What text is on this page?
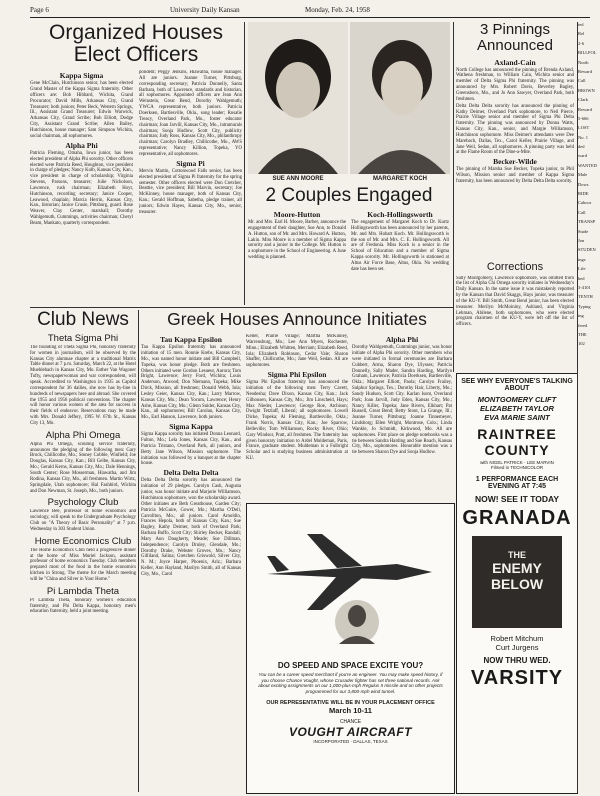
Page 6	University Daily Kansan	Monday, Feb. 24, 1958
Organized Houses Elect Officers
Kappa Sigma

Gene McClain, Hutchinson senior, has been elected Grand Master of the Kappa Sigma fraternity. Other officers are: Bob Hibbard, Wichita, Grand Procurator; David Mills, Arkansas City, Grand Treasurer; both juniors; Peter Beck, Western Springs, Ill., Assistant Grand Treasurer; Edwin Warwick, Arkansas City, Grand Scribe; Bob Elliott, Dodge City, Assistant Grand Scribe; Allen Bailey, Hutchinson, house manager; Sam Simpson Wichita, social chairman, all sophomores.

Alpha Phi

Patricia Fleming, Omaha, Iowa junior, has been elected president of Alpha Phi sorority. Other officers elected were Patricia Reed, Houghton, vice president in charge of pledges; Nancy Kolb, Kansas City, Kan., vice president in charge of scholarship; Virginia Stevens, Parsons, treasurer; Julie Nicholson, Lawrence, rush chairman; Elizabeth Hoyt, Hutchinson, recording secretary; Janice Cooper, Leawood, chaplain; Marcia Herrin, Kansas City, Kan., historian; Janice Crusie, Pittsburg, guard. Rose Weaver, Clay Center, marshall; Dorothy Wahlgemuth, Cummings, activities chairman; Cheryl Beam, Mankato, quarterly correspondent.

pondent; Peggy Jenkins, Hiawatha, house manager. All are juniors. Joanne Turner, Pittsburg, corresponding secretary; Patricia Donnelly, Santa Barbara, both of Lawrence, standards and historian, all sophomores. Appointed officers are Jean Ann Weinstein, Great Bend, Dorothy Wahlgemuth; YWCA representative, both juniors. Patricia Doerksen, Bartlesville, Okla., song leader; Rosalie Treacy, Overland Park, Mo., foster educator chairman; Joan Jarvill, Kansas City, Mo., intramurals chairman; Sonja Hudlow, Scott City, publicity chairman; Judy Ross, Kansas City, Mo., philanthropy chairman; Carolyn Bradley, Chillicothe, Mo., AWS representative; Nancy Killion, Topeka, YO representative, all sophomores.

Sigma Pi

Mervin Martin, Cottonwood Falls senior, has been elected president of Sigma Pi fraternity for the spring semester. Other officers elected were Don Cretcher, Beattie, vice president; Bill Marvin, secretary; Joe McKinney, house manager, both of Kansas City, Kan.; Gerald Hoffman, Sabetha, pledge trainer, all juniors; Edwin Hayes, Kansas City, Mo., senior, treasurer.

SUE ANN MOORE	MARGARET KOCH
2 Couples Engaged
Moore-Hutton

Mr. and Mrs. Earl H. Moore, Barber, announce the engagement of their daughter, Sue Ann, to Donald A. Hutton, son of Mr. and Mrs. Howard A. Hutton, Lakin. Miss Moore is a member of Sigma Kappa sorority and a junior in the College. Mr. Hutton is a sophomore in the School of Engineering. A June wedding is planned.

Koch-Hollingsworth

The engagement of Margaret Koch to Dr. Kurtz Hollingsworth has been announced by her parents, Mr. and Mrs. Hobart Koch. Mr. Hollingsworth is the son of Mr. and Mrs. C. E. Hollingsworth. All are of Fredonia. Miss Koch is a senior in the School of Education and a member of Sigma Kappa sorority. Mr. Hollingsworth is stationed at Altus Air Force Base, Altus, Okla. No wedding date has been set.

3 Pinnings Announced
Axland-Cain

North College has announced the pinning of Brenda Axland, Wathena freshman, to William Cain, Wichita senior and member of Delta Sigma Phi fraternity. The pinning was announced by Mrs. Robert Davis, Beverley Bagley, Greensboro, Mo., and Jo Ann Sawyer, Overland Park, both freshmen.

Delta Delta Delta sorority has announced the pinning of Kathy Deimer, Overland Park sophomore, to Neil Pierce, Prairie Village senior and member of Sigma Phi Delta fraternity. The pinning was announced by Donna Watts, Kansas City, Kan., senior, and Margie Williamson, Hutchinson sophomore. Miss Deimer's attendants were Dee Marebach, Dallas, Tex., Carol Keller, Prairie Village, and Jane Weil, Sedan, all sophomores. A pinning party was held at the Flame Room of the Dine-a-Mite.

Becker-Wilde

The pinning of Marsha Sue Becker, Topeka junior, to Phil Wilson, Mission senior and member of Kappa Sigma fraternity, has been announced by Delta Delta Delta sorority.

Corrections
Sally Montgomery, Lawrence sophomore, was omitted from the list of Alpha Chi Omega sorority initiates in Wednesday's Daily Kansan. In the same issue it was mistakenly reported by the Kansan that David Skaggs, Hays junior, was treasurer of the KU-Y. Bill Smith, Great Bend junior, has been elected treasurer. Merilyn McMoininy, Ashland, and Virginia Lehman, Abilene, both sophomores, who were elected program chairmen of the KU-Y, were left off the list of officers.
Club News
Theta Sigma Phi
The founding of Theta Sigma Phi, honorary fraternity for women in journalism, will be observed by the Kansas City alumnae chapter at a traditional Matrix Table dinner at 7 p.m. Saturday, March 22, at the Hotel Muehlebach in Kansas City, Mo. Esther Van Wagoner Tufty, newspaperwoman and war correspondent, will speak. Accredited to Washington in 1935 as Capitol correspondent for 36 dailies, she now has by-line in hundreds of newspapers here and abroad. She covered the 1955 and 1956 political conventions. The chapter will honor various women of the area for success in their fields of endeavor. Reservations may be made with Mrs. Donald Jeffery, 1995 W. 67th St., Kansas City 13, Mo.
Alpha Phi Omega
Alpha Phi Omega, scouting service fraternity, announces the pledging of the following men: Gary Brock, Chillicothe, Mo.; Stoney Cobble, Winfield; Joe Douglas, Kansas City, Kan.; Bill Gelbe, Kansas City, Mo.; Gerald Kerns, Kansas City, Mo.; Dale Hennings, South Center; Rose Mosserman, Hiawatha, and Jim Rodina, Kansas City, Mo., all freshmen. Martin Wirtz, Springdale, Utah sophomore; Hal Fashbird, Wichita and Don Newman, St. Joseph, Mo., both juniors.
Psychology Club
Lawrence Bee, professor of home economics and sociology, will speak to the Undergraduate Psychology Club on "A Theory of Basic Personality" at 7 p.m. Wednesday in 303 Student Union.
Home Economics Club
The Home Economics Club held a progressive dinner at the home of Miss Muriel Jackson, assistant professor of home economics Tuesday. Club members prepared most of the food in the home economics kitchen in Strong. The theme for the March meeting will be "China and Silver in Your Home."
Pi Lambda Theta
Pi Lambda Theta, honorary women's education fraternity, and Phi Delta Kappa, honorary men's education fraternity, held a joint meeting.
Greek Houses Announce Initiates
Tau Kappa Epsilon

Tau Kappa Epsilon fraternity has announced initiation of 15 men. Ronnie Krebs, Kansas City, Mo., was named honor initiate and Bill Campbell, Topeka, was honor pledge. Both are freshmen. Others initiated were Gordon Lesueur, Aurora; Tom Bright, Lawrence; Jerry Ford, Wichita; Louis Anderson, Atwood; Don Niemann, Topeka; Mike Dirck, Mission, all freshmen; Donald Webb, Iola; Lesley Geier, Kansas City, Kan.; Larry Marrow, Kansas City, Mo.; Dean Yocum, Lawrence; Henry Ashe, Kansas City, Mo.; Glenn Snider, Kansas City, Kan., all sophomores; Bill Carolan, Kansas City, Mo., Earl Hanson, Lawrence, both juniors.

Sigma Kappa

Sigma Kappa sorority has initiated Donna Leonard, Fulton, Mo.; Lela Jones, Kansas City, Kan., and Patricia Tristano, Overland Park, all juniors, and Betty Jane Wilson, Mission sophomore. The initiation was followed by a banquet at the chapter house.

Delta Delta Delta

Delta Delta Delta sorority has announced the initiation of 29 pledges. Carolyn Cash, Augusta junior, was honor initiate and Marjorie Williamson, Hutchinson sophomore, won the scholarship award. Other initiates are Beth Greatbouse, Garden City; Patricia McGuire, Gower, Mo.; Martha O'Dell, Carrollton, Mo.; all juniors. Carol Arnoldin, Frances Hepola, both of Kansas City, Kan.; Sue Bagley, Kathy Deimer, both of Overland Park; Barbara Buffo, Scott City; Shirley Becker, Randall; Mary Ann Daugherty, Meade; Sue Dillman, Independence; Carolyn Druley, Glendale, Mo.; Dorothy Drake, Webster Groves, Mo.; Nancy Gilliland, Salina; Gretchen Griswold, Silver City, N. M.; Joyce Harper, Phoenix, Ariz.; Barbara Keller, Ann Hayland, Marilyn Smith, all of Kansas City, Mo., Carol

Keller, Prairie Village; Martha McKinney, Warrensburg, Mo.; Lee Ann Myers, Rochester, Minn.; Elizabeth Whitten, Merriam; Elizabeth Reed, Iola; Elizabeth Robinson, Cedar Vale; Sharon Shaffer, Chillicothe, Mo.; Jane Weil, Sedan. All are sophomores.

Sigma Phi Epsilon

Sigma Phi Epsilon fraternity has announced the initiation of the following men: Terry Cavett, Neodesha; Dave Dixon, Kansas City, Kan.; Jack Gilhousen, Kansas City, Mo.; Jim Linscheid, Hays; Max Nieder, Lawrence; George Roe, Atchison; Dwight Tetzlaff, Liberal; all sophomores. Lowell Dicke, Topeka; Al Fleming, Bartlesville, Okla.; Frank Norris, Kansas City, Kan.; Joe Sparrow, Belleville; Tom Williamson, Rocky River, Ohio; Gary Windsor, Pratt, all freshmen. The fraternity has given honorary initiation to Ardel Muldeman, Paris, France, graduate student. Muldeman is a Fulbright Scholar and is studying business administration at KU.

Alpha Phi

Dorothy Wahlgemuth, Cummings junior, was honor initiate of Alpha Phi sorority. Other members who were initiated in formal ceremonies are Barbara Cubbert, Arma, Sharon Dye, Ulysses; Patricia Donnelly, Sally Mader, Sandra Harding, Marilyn Graham, Lawrence; Patricia Doerksen, Bartlesville, Okla.; Margaret Elliott, Paola; Carolyn Frailey, Sulphur Springs, Tex.; Dorothy Hair, Liberty, Mo.; Sandy Hudson, Scott City. Karlan Isom, Overland Park; Joan Jarvill, Judy Eden, Kansas City, Mo.; Nancy Killer, Topeka; Jane Rivers, Elkhart; Pat Russell, Great Bend; Betty Stout, La Grange, Ill.; Joanne Turner, Pittsburg; Joanne Tinnemeyer, Lindsborg; Ellen Wright, Montrose, Colo.; Linda Wankle, Jo Schmidt, Kirkwood, Mo. All are sophomores. First place on pledge notebooks was a tie between Sandra Harding and Sue Roach, Kansas City, Mo., sophomores. Honorable mention was a tie between Sharon Dye and Sonja Hudlow.

DO SPEED AND SPACE EXCITE YOU?
You can be a career speed merchant if you're an engineer. You may make speed history, if you choose Chance Vought, whose Crusader fighter has set three national records. Ask about exciting assignments on our 1,000-plus-mph Regulus II missile and on other projects programmed for our 3,800-mph wind tunnel.
OUR REPRESENTATIVE WILL BE IN YOUR PLACEMENT OFFICE
March 10-11
CHANCE
VOUGHT AIRCRAFT
INCORPORATED · DALLAS, TEXAS
SEE WHY EVERYONE'S TALKING ABOUT
MONTGOMERY CLIFT
ELIZABETH TAYLOR
EVA MARIE SAINT
RAINTREE
COUNTY
with NIGEL PATRICK · LEE MARVIN
Filmed in TECHNICOLOR
1 PERFORMANCE EACH
EVENING AT 7:45
NOW! SEE IT TODAY
GRANADA
THE
ENEMY
BELOW
Robert Mitchum
Curt Jurgens
NOW THRU WED.
VARSITY
ied
Rel
2-6
BILLFOL
North
Reward
Call
BROWN
Clark
Reward
5-666
LOST
No. 1
ded
ward
WANTED
Male
Dows
RIDE
Cahoor
Call
TRANSP
Stude
Jon
STUDEN
ings
Life
bed
3-4101
TENTH
Typing
ing
fered
THE
102
